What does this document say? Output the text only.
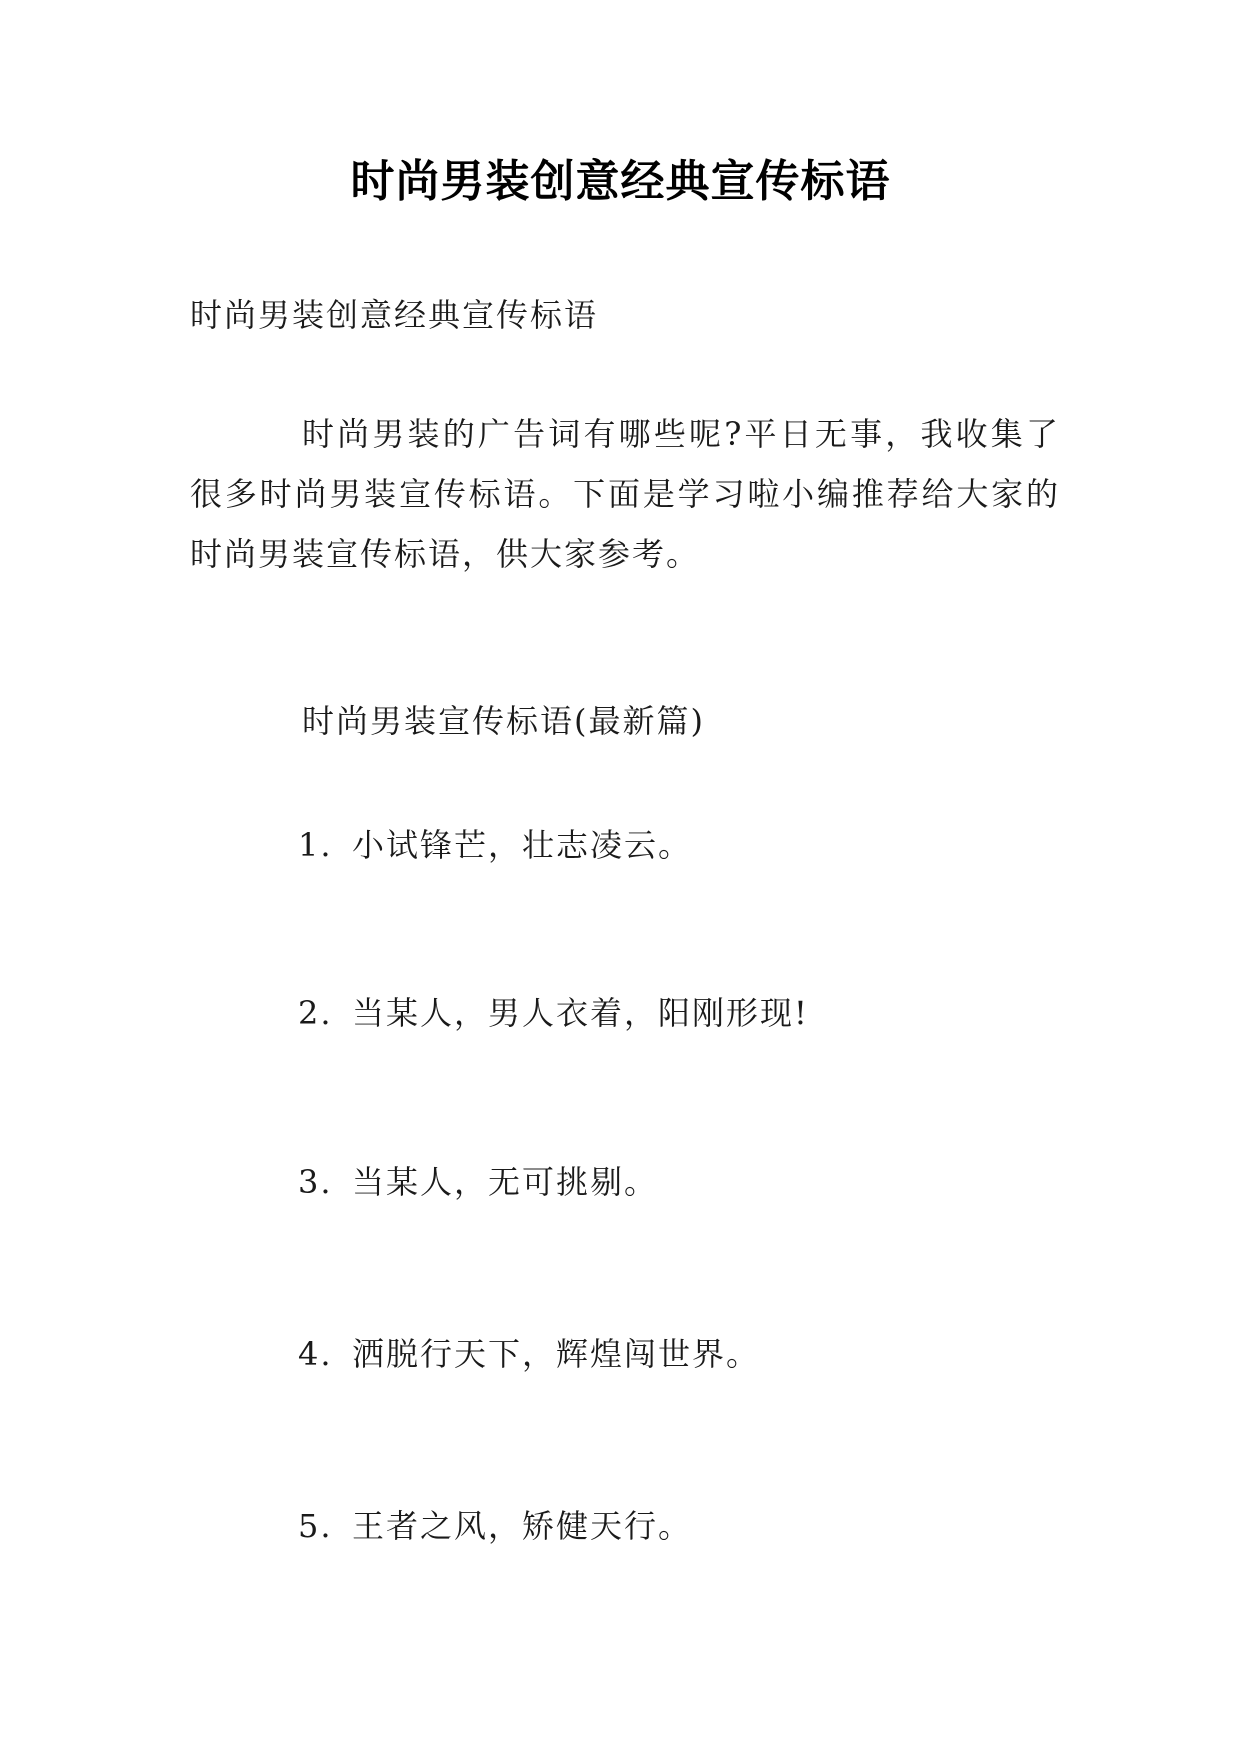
时尚男装创意经典宣传标语
时尚男装创意经典宣传标语
时尚男装的广告词有哪些呢?平日无事，我收集了很多时尚男装宣传标语。下面是学习啦小编推荐给大家的时尚男装宣传标语，供大家参考。
时尚男装宣传标语(最新篇)
1. 小试锋芒，壮志凌云。
2. 当某人，男人衣着，阳刚形现!
3. 当某人，无可挑剔。
4. 洒脱行天下，辉煌闯世界。
5. 王者之风，矫健天行。
